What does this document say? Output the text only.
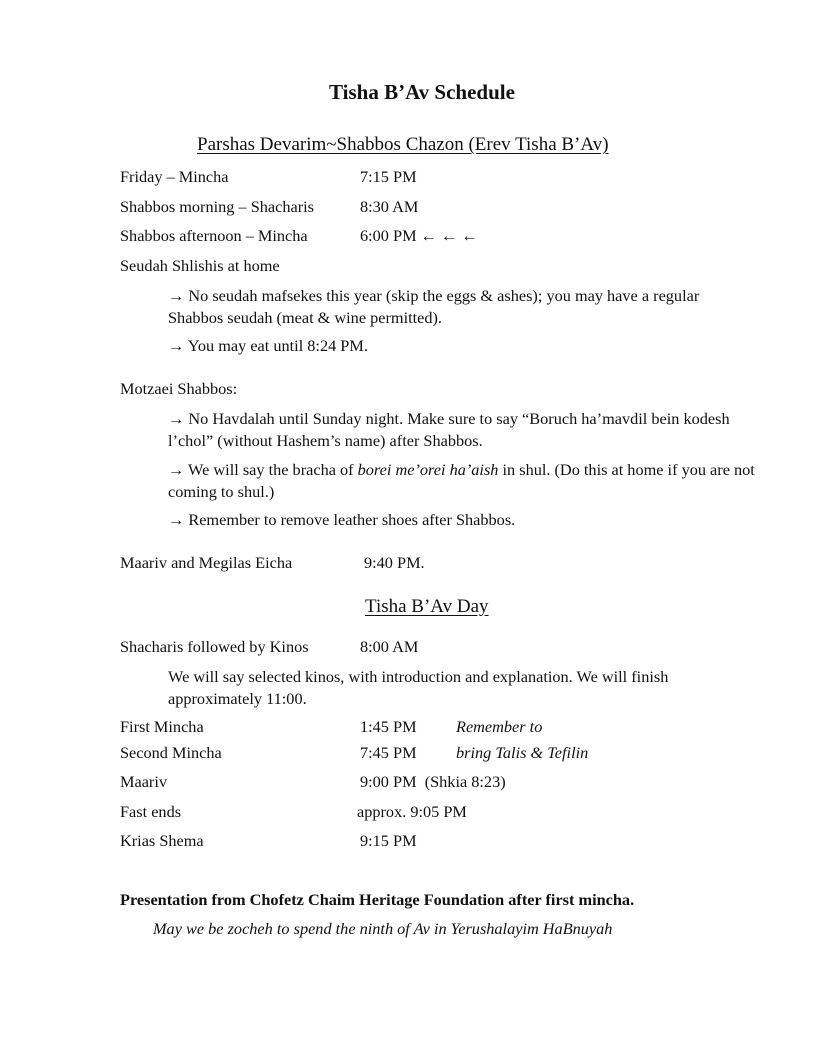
Tisha B’Av Schedule
Parshas Devarim~Shabbos Chazon (Erev Tisha B’Av)
Friday – Mincha	7:15 PM
Shabbos morning – Shacharis	8:30 AM
Shabbos afternoon – Mincha	6:00 PM ← ← ←
Seudah Shlishis at home
→ No seudah mafsekes this year (skip the eggs & ashes); you may have a regular Shabbos seudah (meat & wine permitted).
→ You may eat until 8:24 PM.
Motzaei Shabbos:
→ No Havdalah until Sunday night. Make sure to say “Boruch ha’mavdil bein kodesh l’chol” (without Hashem’s name) after Shabbos.
→ We will say the bracha of borei me’orei ha’aish in shul. (Do this at home if you are not coming to shul.)
→ Remember to remove leather shoes after Shabbos.
Maariv and Megilas Eicha	9:40 PM.
Tisha B’Av Day
Shacharis followed by Kinos	8:00 AM
We will say selected kinos, with introduction and explanation. We will finish approximately 11:00.
First Mincha	1:45 PM Remember to
Second Mincha	7:45 PM bring Talis & Tefilin
Maariv	9:00 PM  (Shkia 8:23)
Fast ends	approx. 9:05 PM
Krias Shema	9:15 PM
Presentation from Chofetz Chaim Heritage Foundation after first mincha.
May we be zocheh to spend the ninth of Av in Yerushalayim HaBnuyah
